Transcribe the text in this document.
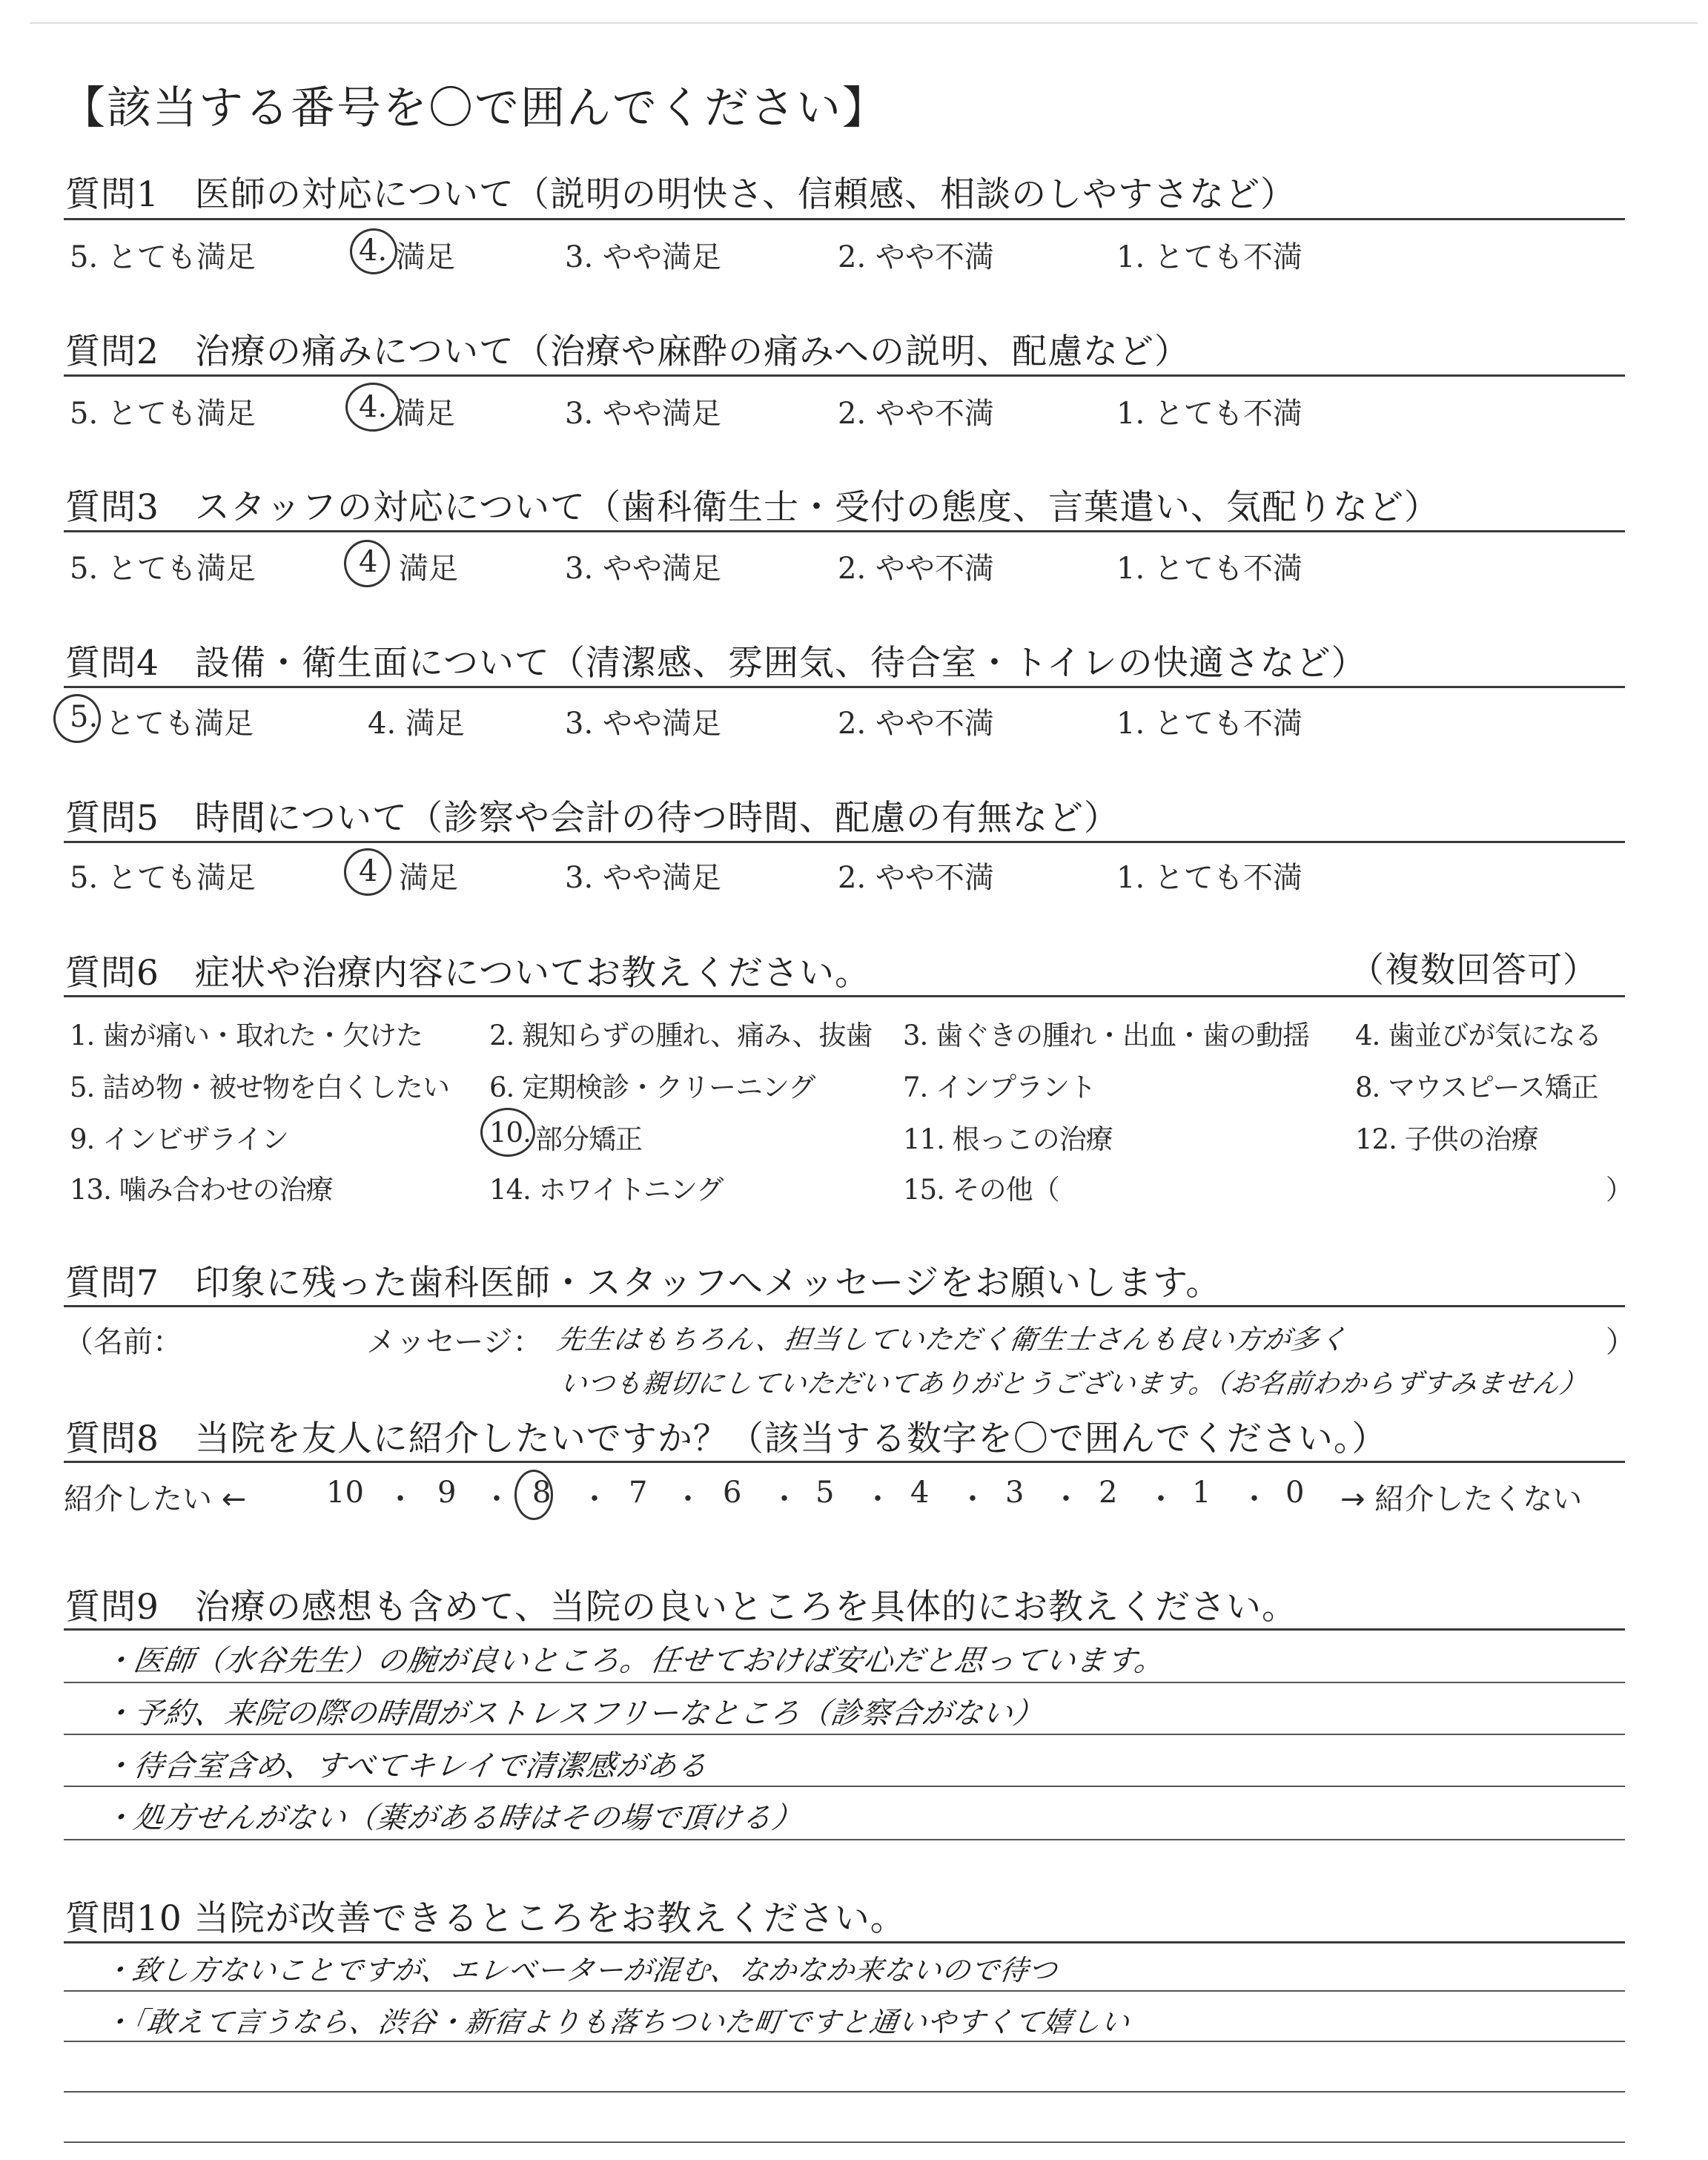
【該当する番号を〇で囲んでください】
質問1　医師の対応について（説明の明快さ、信頼感、相談のしやすさなど）
5. とても満足	4. 満足	3. やや満足	2. やや不満	1. とても不満
質問2　治療の痛みについて（治療や麻酔の痛みへの説明、配慮など）
5. とても満足	4. 満足	3. やや満足	2. やや不満	1. とても不満
質問3　スタッフの対応について（歯科衛生士・受付の態度、言葉遣い、気配りなど）
5. とても満足	4 満足	3. やや満足	2. やや不満	1. とても不満
質問4　設備・衛生面について（清潔感、雰囲気、待合室・トイレの快適さなど）
5. とても満足	4. 満足	3. やや満足	2. やや不満	1. とても不満
質問5　時間について（診察や会計の待つ時間、配慮の有無など）
5. とても満足	4 満足	3. やや満足	2. やや不満	1. とても不満
質問6　症状や治療内容についてお教えください。	（複数回答可）
1. 歯が痛い・取れた・欠けた 2. 親知らずの腫れ、痛み、抜歯 3. 歯ぐきの腫れ・出血・歯の動揺 4. 歯並びが気になる
5. 詰め物・被せ物を白くしたい 6. 定期検診・クリーニング	7. インプラント	8. マウスピース矯正
9. インビザライン	10. 部分矯正	11. 根っこの治療	12. 子供の治療
13. 噛み合わせの治療	14. ホワイトニング	15. その他（	）
質問7　印象に残った歯科医師・スタッフへメッセージをお願いします。
（名前：	メッセージ： 先生はもちろん、担当していただく衛生士さんも良い方が多く	）
いつも親切にしていただいてありがとうございます。（お名前わからずすみません）
質問8　当院を友人に紹介したいですか？（該当する数字を〇で囲んでください。）
紹介したい ←	10 ・ 9 ・ 8 ・ 7 ・ 6 ・ 5 ・ 4 ・ 3 ・ 2 ・ 1 ・ 0 → 紹介したくない
質問9　治療の感想も含めて、当院の良いところを具体的にお教えください。
・医師（水谷先生）の腕が良いところ。任せておけば安心だと思っています。
・予約、来院の際の時間がストレスフリーなところ（診察合がない）
・待合室含め、すべてキレイで清潔感がある
・処方せんがない（薬がある時はその場で頂ける）
質問10 当院が改善できるところをお教えください。
・致し方ないことですが、エレベーターが混む、なかなか来ないので待つ
・「敢えて言うなら、渋谷・新宿よりも落ちついた町ですと通いやすくて嬉しい
